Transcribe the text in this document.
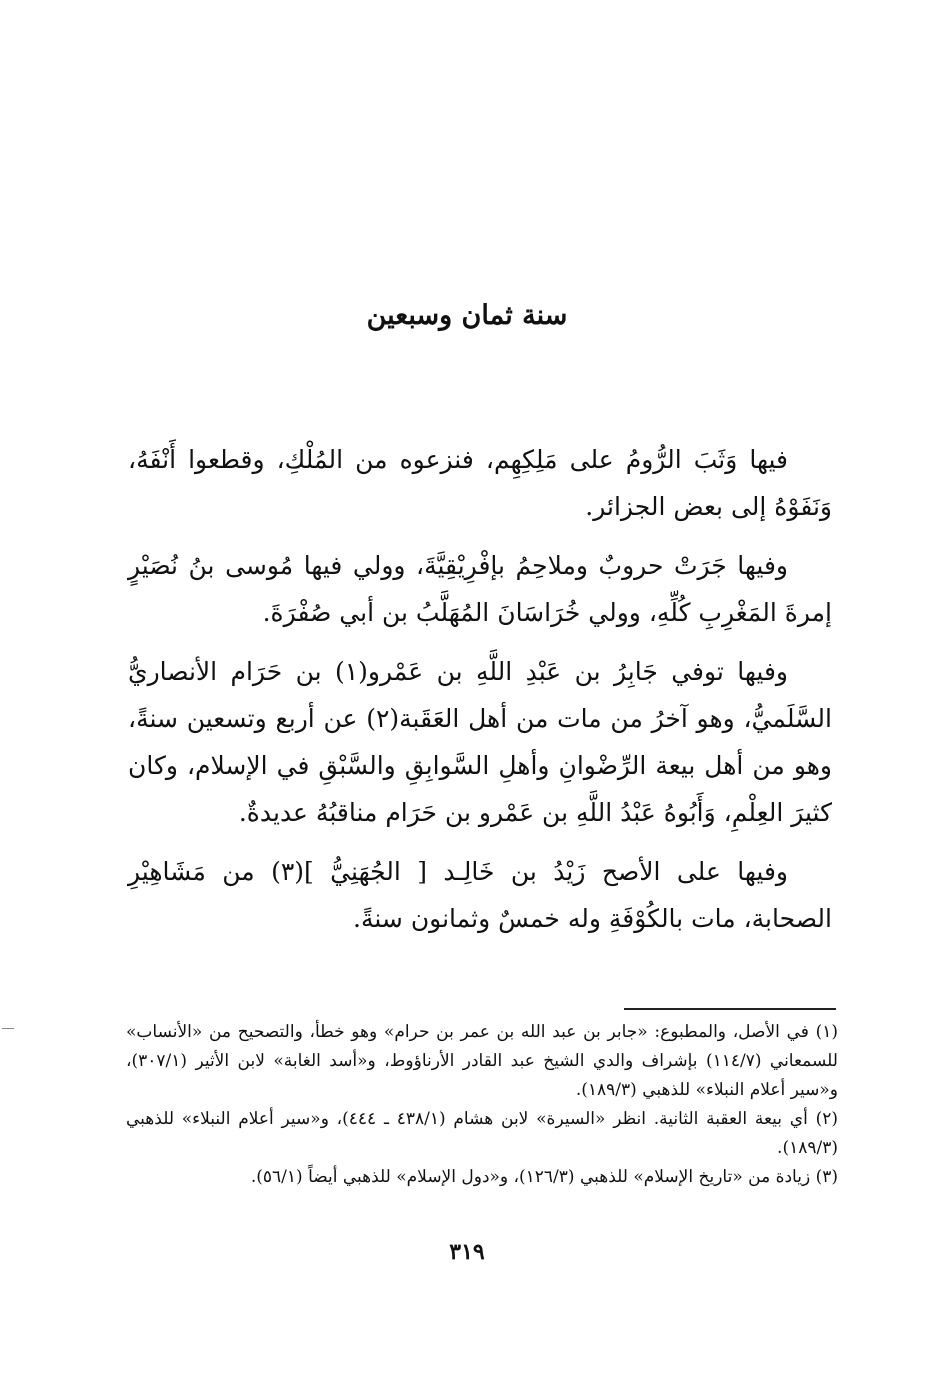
سنة ثمان وسبعين

فيها وَثَبَ الرُّومُ على مَلِكِهِم، فنزعوه من المُلْكِ، وقطعوا أَنْفَهُ، وَنَفَوْهُ إلى بعض الجزائر.

وفيها جَرَتْ حروبٌ وملاحِمُ بإفْرِيْقِيَّةَ، وولي فيها مُوسى بنُ نُصَيْرٍ إمرةَ المَغْرِبِ كُلِّهِ، وولي خُرَاسَانَ المُهَلَّبُ بن أبي صُفْرَةَ.

وفيها توفي جَابِرُ بن عَبْدِ اللَّهِ بن عَمْرو(١) بن حَرَام الأنصاريُّ السَّلَميُّ، وهو آخرُ من مات من أهل العَقَبة(٢) عن أربع وتسعين سنةً، وهو من أهل بيعة الرِّضْوانِ وأهلِ السَّوابِقِ والسَّبْقِ في الإسلام، وكان كثيرَ العِلْمِ، وَأَبُوهُ عَبْدُ اللَّهِ بن عَمْرو بن حَرَام مناقبُهُ عديدةٌ.

وفيها على الأصح زَيْدُ بن خَالِـد [ الجُهَنِيُّ ](٣) من مَشَاهِيْرِ الصحابة، مات بالكُوْفَةِ وله خمسٌ وثمانون سنةً.

(١) في الأصل، والمطبوع: «جابر بن عبد الله بن عمر بن حرام» وهو خطأ، والتصحيح من «الأنساب» للسمعاني (١١٤/٧) بإشراف والدي الشيخ عبد القادر الأرناؤوط، و«أسد الغابة» لابن الأثير (٣٠٧/١)، و«سير أعلام النبلاء» للذهبي (١٨٩/٣).

(٢) أي بيعة العقبة الثانية. انظر «السيرة» لابن هشام (٤٣٨/١ ـ ٤٤٤)، و«سير أعلام النبلاء» للذهبي (١٨٩/٣).

(٣) زيادة من «تاريخ الإسلام» للذهبي (١٢٦/٣)، و«دول الإسلام» للذهبي أيضاً (٥٦/١).

٣١٩
